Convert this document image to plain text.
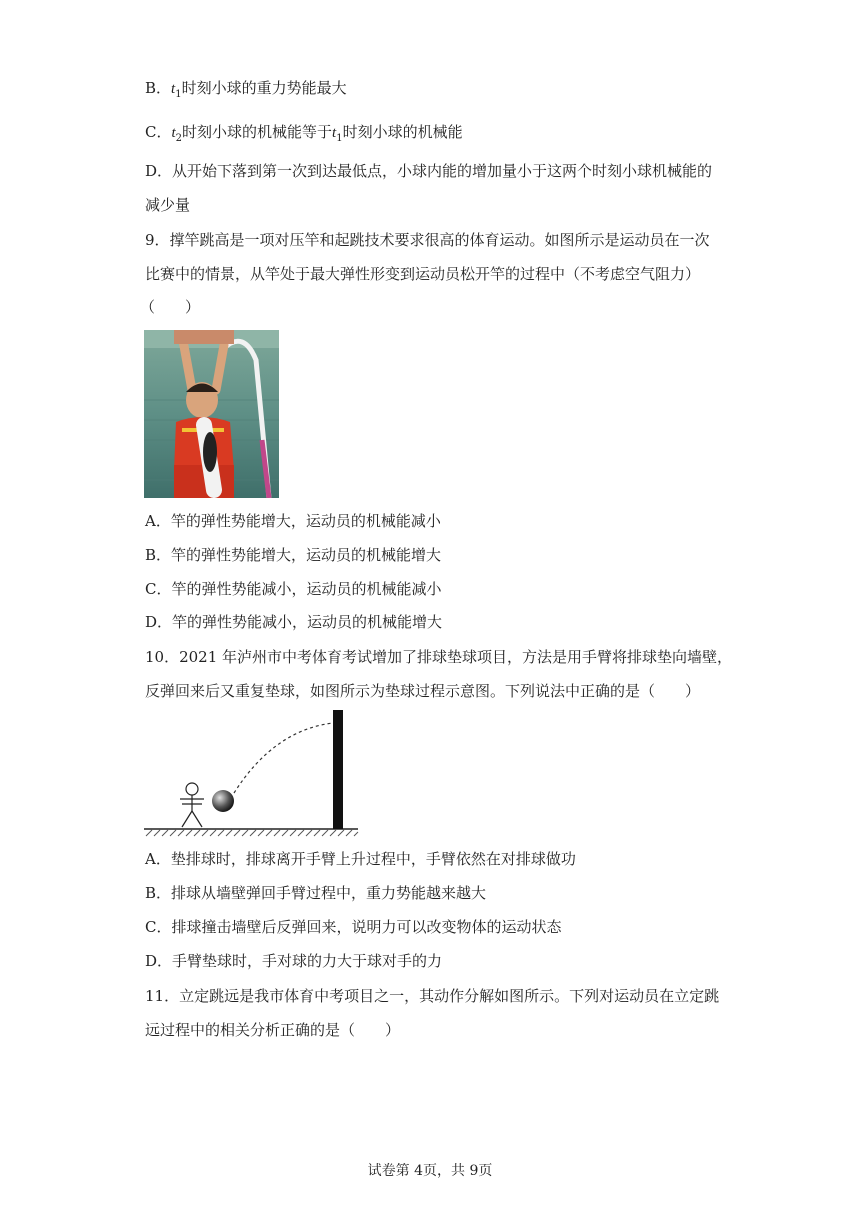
B．$t_1$时刻小球的重力势能最大
C．$t_2$时刻小球的机械能等于$t_1$时刻小球的机械能
D．从开始下落到第一次到达最低点，小球内能的增加量小于这两个时刻小球机械能的
减少量
9．撑竿跳高是一项对压竿和起跳技术要求很高的体育运动。如图所示是运动员在一次
比赛中的情景，从竿处于最大弹性形变到运动员松开竿的过程中（不考虑空气阻力）
（　　）
A．竿的弹性势能增大，运动员的机械能减小
B．竿的弹性势能增大，运动员的机械能增大
C．竿的弹性势能减小，运动员的机械能减小
D．竿的弹性势能减小，运动员的机械能增大
10．2021 年泸州市中考体育考试增加了排球垫球项目，方法是用手臂将排球垫向墙壁，
反弹回来后又重复垫球，如图所示为垫球过程示意图。下列说法中正确的是（　　）
A．垫排球时，排球离开手臂上升过程中，手臂依然在对排球做功
B．排球从墙壁弹回手臂过程中，重力势能越来越大
C．排球撞击墙壁后反弹回来，说明力可以改变物体的运动状态
D．手臂垫球时，手对球的力大于球对手的力
11．立定跳远是我市体育中考项目之一，其动作分解如图所示。下列对运动员在立定跳
远过程中的相关分析正确的是（　　）
试卷第 4页，共 9页
